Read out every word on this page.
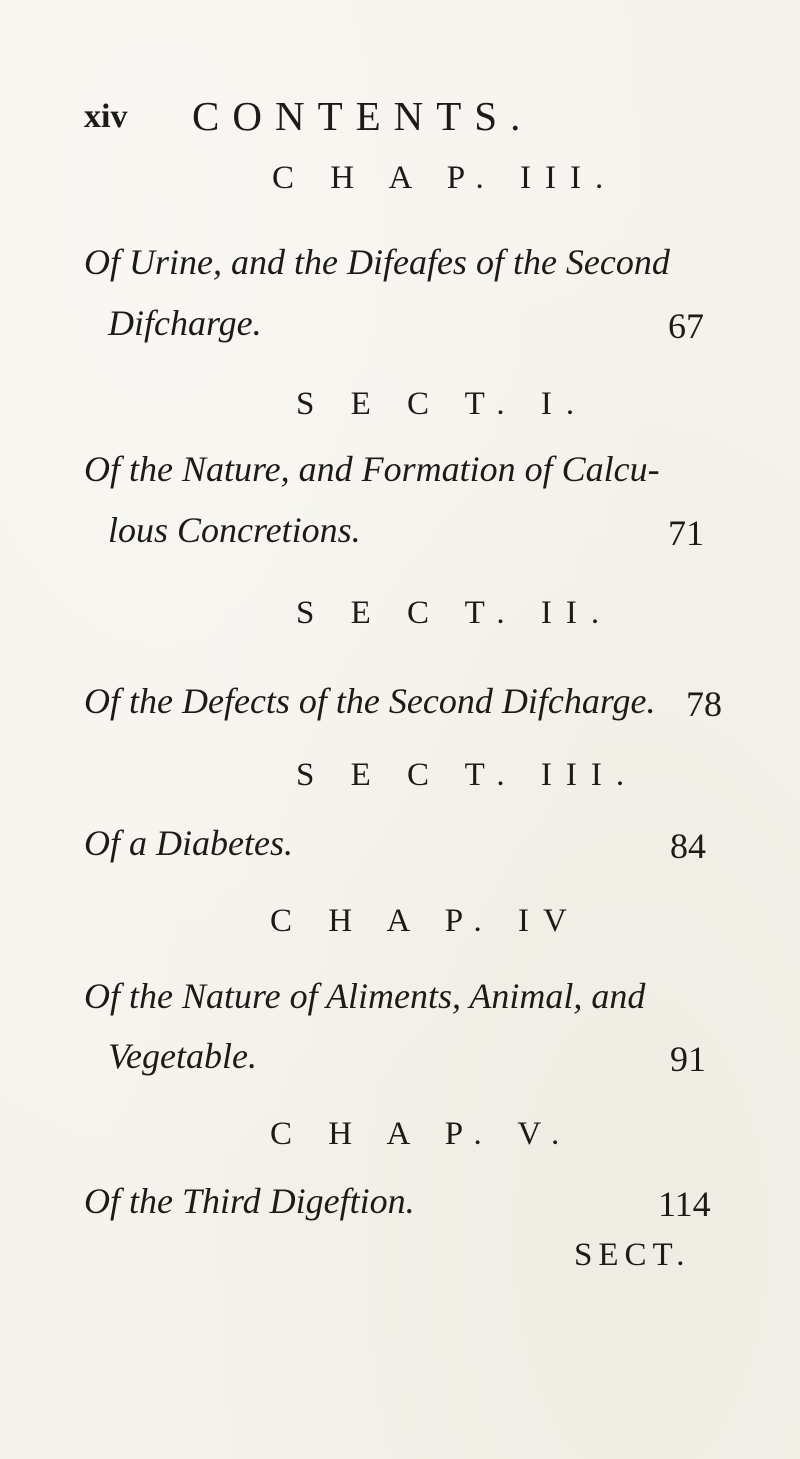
xiv CONTENTS.
C H A P. III.
Of Urine, and the Difeafes of the Second
Difcharge.	67
S E C T. I.
Of the Nature, and Formation of Calcu-
lous Concretions.	71
S E C T. II.
Of the Defects of the Second Difcharge. 78
S E C T. III.
Of a Diabetes.	84
C H A P. IV
Of the Nature of Aliments, Animal, and
Vegetable.	91
C H A P. V.
Of the Third Digeftion.	114
SECT.
